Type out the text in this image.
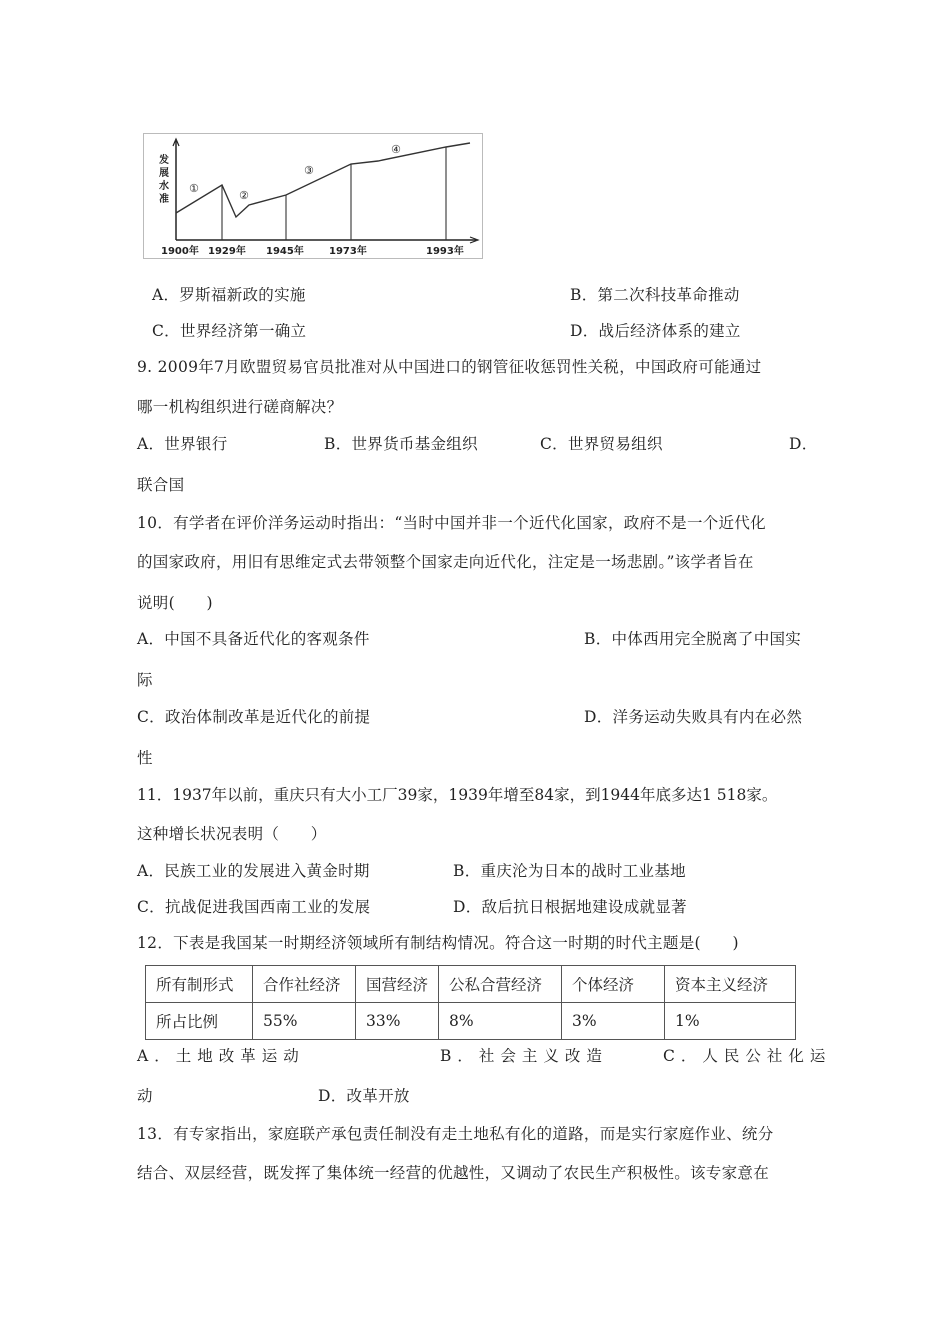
发
展
水
准
①
②
③
④
1900年 1929年 1945年	1973年	1993年
A．罗斯福新政的实施	B．第二次科技革命推动
C．世界经济第一确立	D．战后经济体系的建立
9. 2009年7月欧盟贸易官员批准对从中国进口的钢管征收惩罚性关税，中国政府可能通过
哪一机构组织进行磋商解决？
A．世界银行	B．世界货币基金组织	C．世界贸易组织	D．
联合国
10．有学者在评价洋务运动时指出：“当时中国并非一个近代化国家，政府不是一个近代化
的国家政府，用旧有思维定式去带领整个国家走向近代化，注定是一场悲剧。”该学者旨在
说明(　　)
A．中国不具备近代化的客观条件	B．中体西用完全脱离了中国实
际
C．政治体制改革是近代化的前提	D．洋务运动失败具有内在必然
性
11．1937年以前，重庆只有大小工厂39家，1939年增至84家，到1944年底多达1 518家。
这种增长状况表明（　　）
A．民族工业的发展进入黄金时期	B．重庆沦为日本的战时工业基地
C．抗战促进我国西南工业的发展	D．敌后抗日根据地建设成就显著
12．下表是我国某一时期经济领域所有制结构情况。符合这一时期的时代主题是(　　)
所有制形式	合作社经济	国营经济	公私合营经济	个体经济	资本主义经济
所占比例	55%	33%	8%	3%	1%
A．土地改革运动	B．社会主义改造	C．人民公社化运
动	D．改革开放
13．有专家指出，家庭联产承包责任制没有走土地私有化的道路，而是实行家庭作业、统分
结合、双层经营，既发挥了集体统一经营的优越性，又调动了农民生产积极性。该专家意在
